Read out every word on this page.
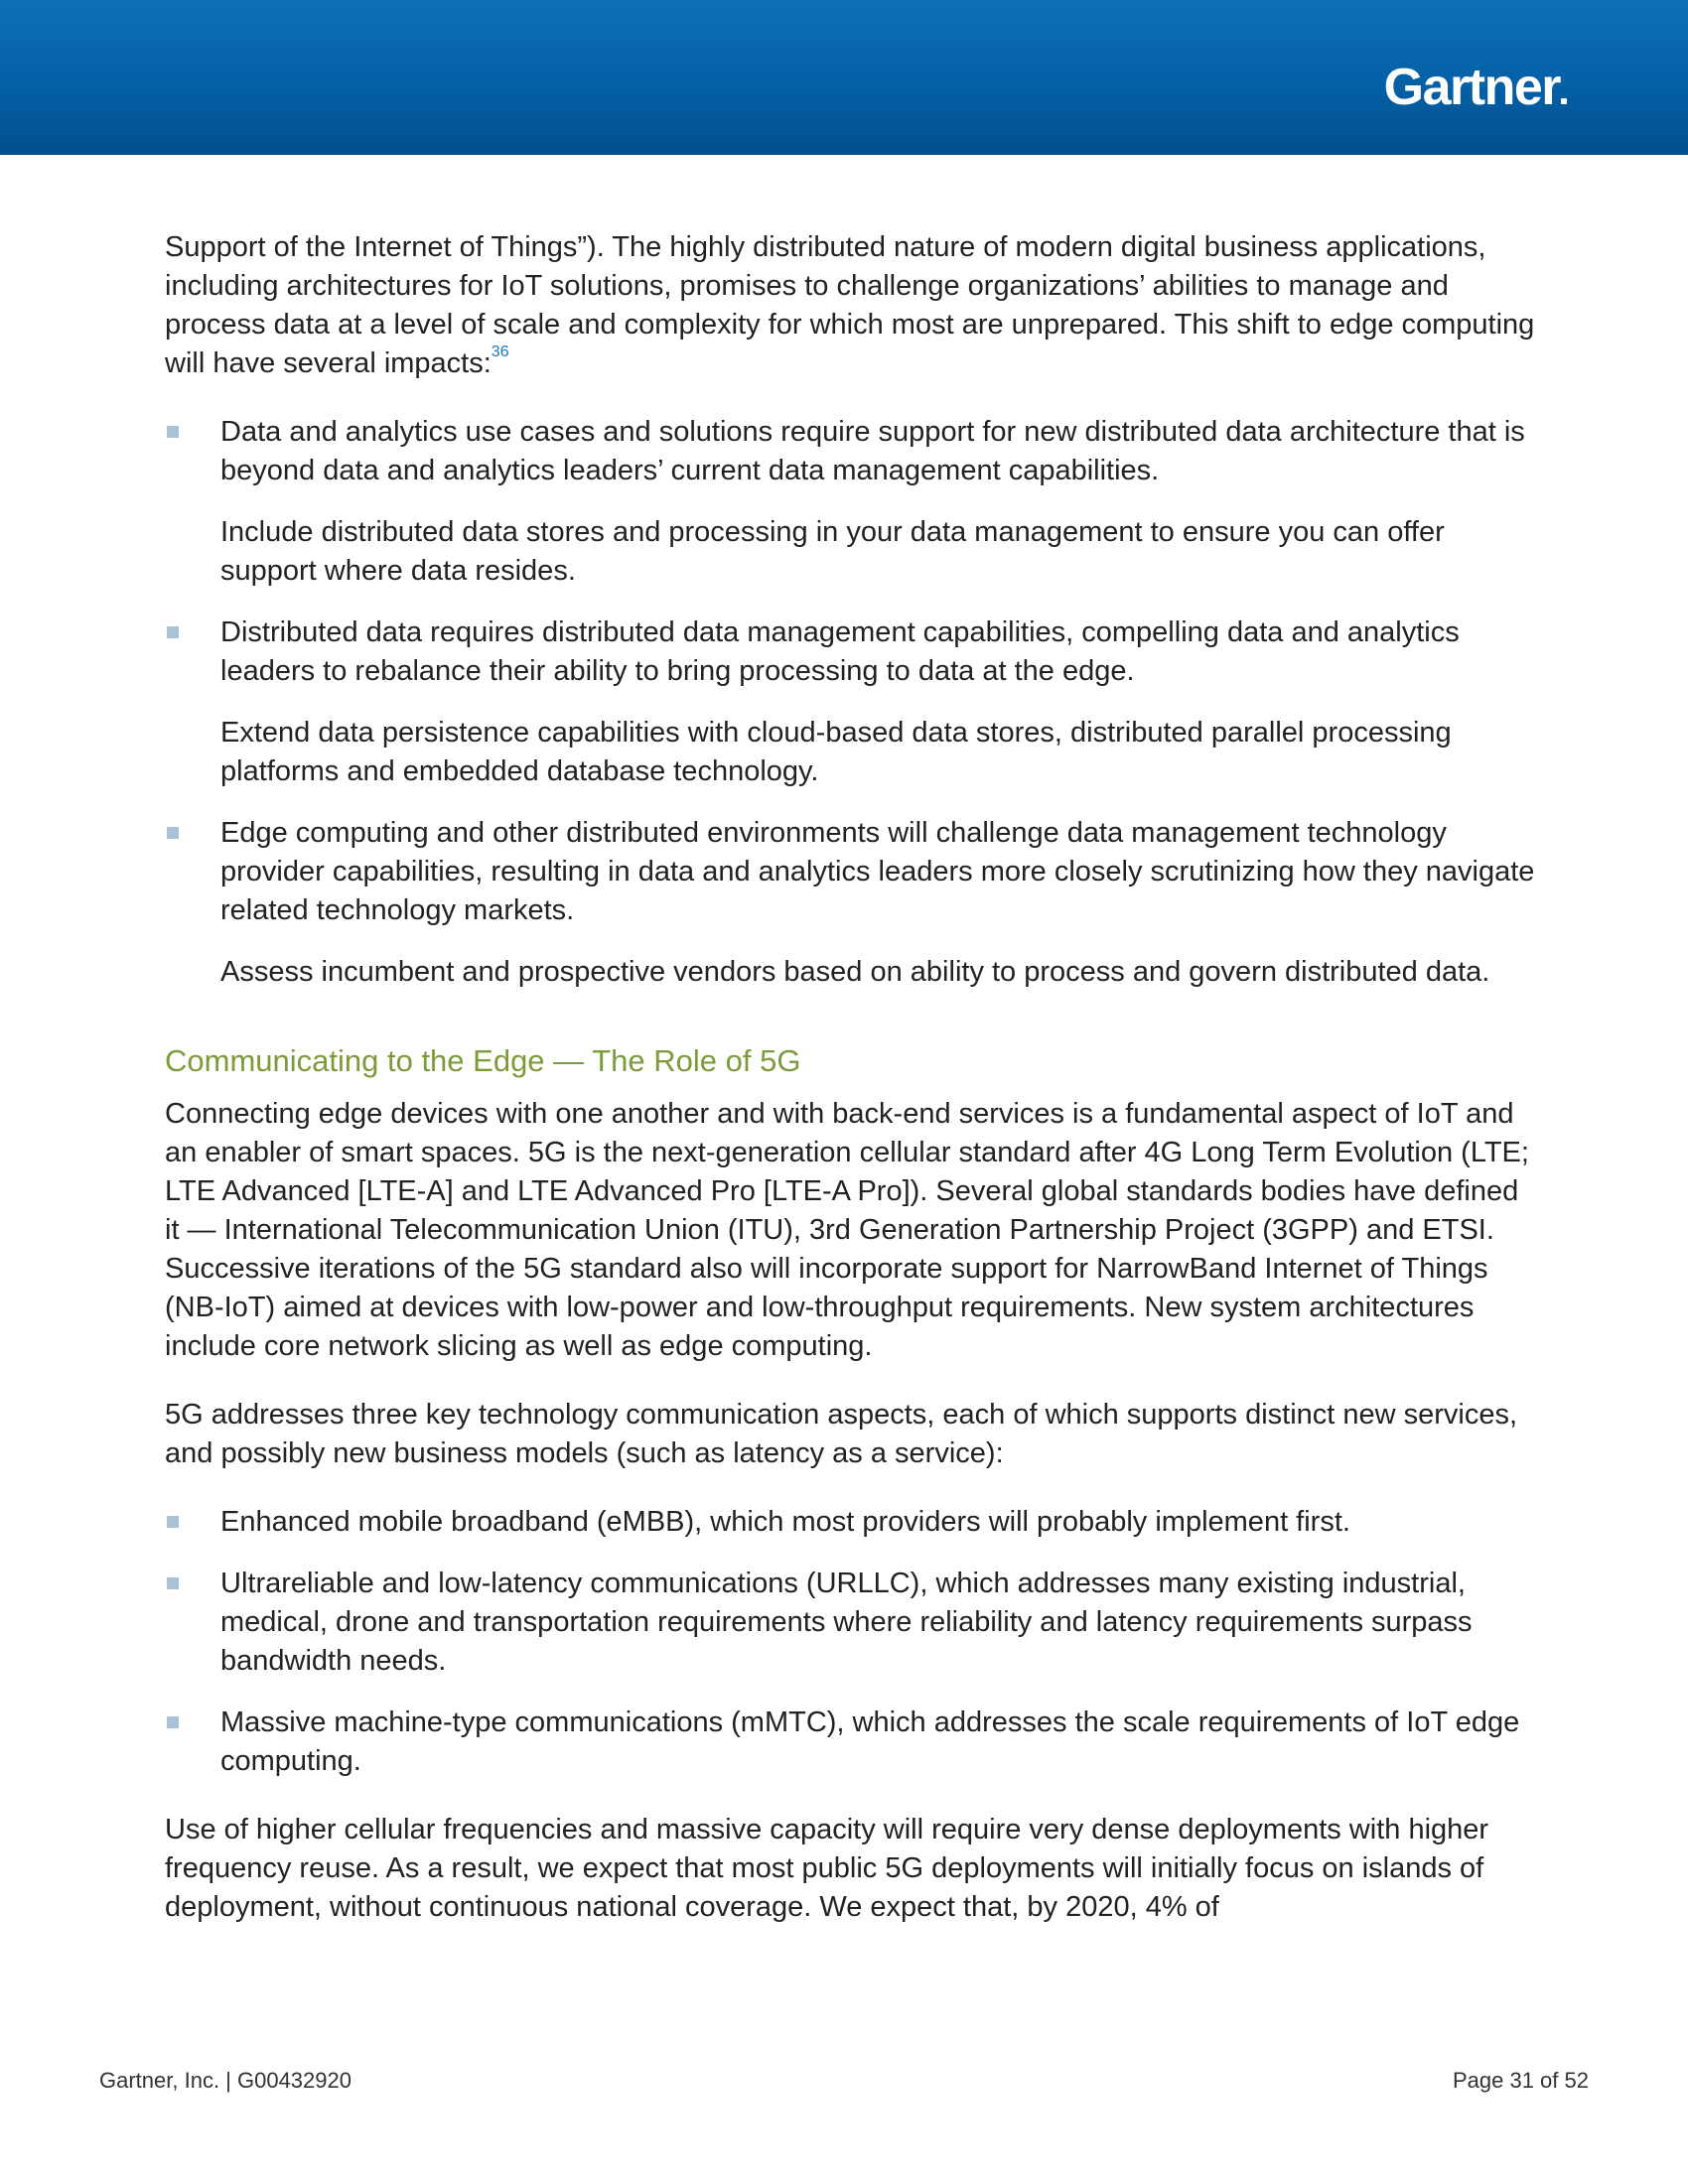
Gartner

Support of the Internet of Things”). The highly distributed nature of modern digital business applications, including architectures for IoT solutions, promises to challenge organizations’ abilities to manage and process data at a level of scale and complexity for which most are unprepared. This shift to edge computing will have several impacts:$^{36}$

Data and analytics use cases and solutions require support for new distributed data architecture that is beyond data and analytics leaders’ current data management capabilities.
Include distributed data stores and processing in your data management to ensure you can offer support where data resides.
Distributed data requires distributed data management capabilities, compelling data and analytics leaders to rebalance their ability to bring processing to data at the edge.
Extend data persistence capabilities with cloud-based data stores, distributed parallel processing platforms and embedded database technology.
Edge computing and other distributed environments will challenge data management technology provider capabilities, resulting in data and analytics leaders more closely scrutinizing how they navigate related technology markets.
Assess incumbent and prospective vendors based on ability to process and govern distributed data.
Communicating to the Edge — The Role of 5G

Connecting edge devices with one another and with back-end services is a fundamental aspect of IoT and an enabler of smart spaces. 5G is the next-generation cellular standard after 4G Long Term Evolution (LTE; LTE Advanced [LTE-A] and LTE Advanced Pro [LTE-A Pro]). Several global standards bodies have defined it — International Telecommunication Union (ITU), 3rd Generation Partnership Project (3GPP) and ETSI. Successive iterations of the 5G standard also will incorporate support for NarrowBand Internet of Things (NB-IoT) aimed at devices with low-power and low-throughput requirements. New system architectures include core network slicing as well as edge computing.

5G addresses three key technology communication aspects, each of which supports distinct new services, and possibly new business models (such as latency as a service):

Enhanced mobile broadband (eMBB), which most providers will probably implement first.
Ultrareliable and low-latency communications (URLLC), which addresses many existing industrial, medical, drone and transportation requirements where reliability and latency requirements surpass bandwidth needs.
Massive machine-type communications (mMTC), which addresses the scale requirements of IoT edge computing.

Use of higher cellular frequencies and massive capacity will require very dense deployments with higher frequency reuse. As a result, we expect that most public 5G deployments will initially focus on islands of deployment, without continuous national coverage. We expect that, by 2020, 4% of

Gartner, Inc. | G00432920	Page 31 of 52
